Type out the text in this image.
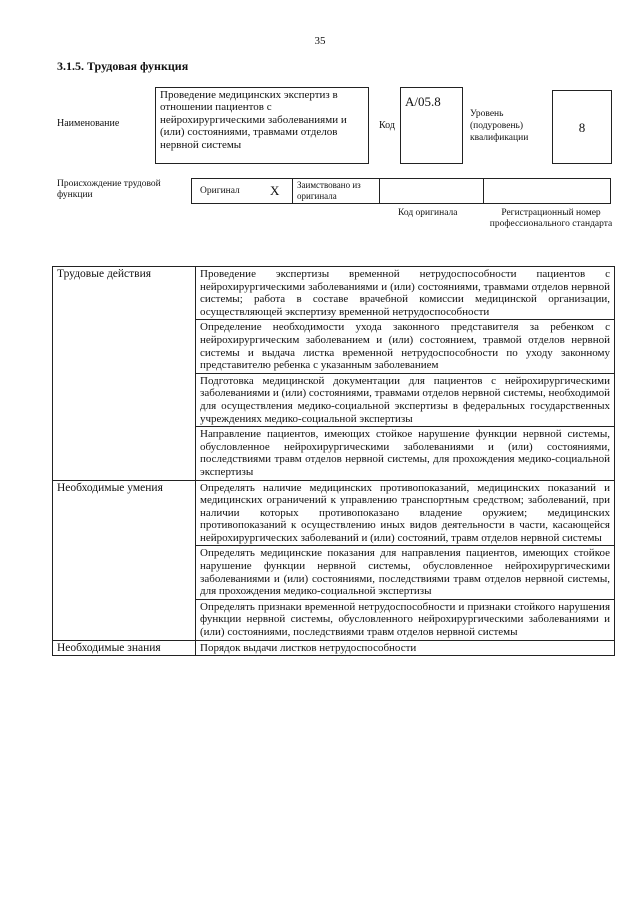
35
3.1.5. Трудовая функция
Наименование
Проведение медицинских экспертиз в отношении пациентов с нейрохирургическими заболеваниями и (или) состояниями, травмами отделов нервной системы
Код
А/05.8
Уровень (подуровень) квалификации
8
Происхождение трудовой функции	Оригинал X Заимствовано из оригинала
Код оригинала	Регистрационный номер профессионального стандарта
Трудовые действия	Проведение экспертизы временной нетрудоспособности пациентов с нейрохирургическими заболеваниями и (или) состояниями, травмами отделов нервной системы; работа в составе врачебной комиссии медицинской организации, осуществляющей экспертизу временной нетрудоспособности
	Определение необходимости ухода законного представителя за ребенком с нейрохирургическим заболеванием и (или) состоянием, травмой отделов нервной системы и выдача листка временной нетрудоспособности по уходу законному представителю ребенка с указанным заболеванием
	Подготовка медицинской документации для пациентов с нейрохирургическими заболеваниями и (или) состояниями, травмами отделов нервной системы, необходимой для осуществления медико-социальной экспертизы в федеральных государственных учреждениях медико-социальной экспертизы
	Направление пациентов, имеющих стойкое нарушение функции нервной системы, обусловленное нейрохирургическими заболеваниями и (или) состояниями, последствиями травм отделов нервной системы, для прохождения медико-социальной экспертизы
Необходимые умения	Определять наличие медицинских противопоказаний, медицинских показаний и медицинских ограничений к управлению транспортным средством; заболеваний, при наличии которых противопоказано владение оружием; медицинских противопоказаний к осуществлению иных видов деятельности в части, касающейся нейрохирургических заболеваний и (или) состояний, травм отделов нервной системы
	Определять медицинские показания для направления пациентов, имеющих стойкое нарушение функции нервной системы, обусловленное нейрохирургическими заболеваниями и (или) состояниями, последствиями травм отделов нервной системы, для прохождения медико-социальной экспертизы
	Определять признаки временной нетрудоспособности и признаки стойкого нарушения функции нервной системы, обусловленного нейрохирургическими заболеваниями и (или) состояниями, последствиями травм отделов нервной системы
Необходимые знания	Порядок выдачи листков нетрудоспособности
